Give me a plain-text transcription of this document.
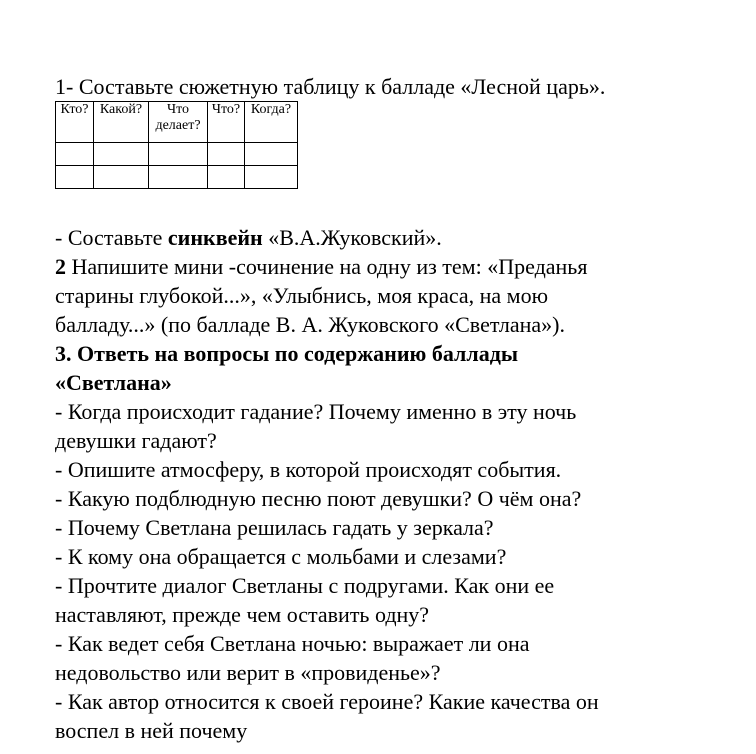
1- Составьте сюжетную таблицу к балладе «Лесной царь».
Кто?	Какой?	Что делает?	Что?	Когда?

- Составьте синквейн «В.А.Жуковский».
2 Напишите мини -сочинение на одну из тем: «Преданья
старины глубокой...», «Улыбнись, моя краса, на мою
балладу...» (по балладе В. А. Жуковского «Светлана»).
3. Ответь на вопросы по содержанию баллады
«Светлана»
- Когда происходит гадание? Почему именно в эту ночь
девушки гадают?
- Опишите атмосферу, в которой происходят события.
- Какую подблюдную песню поют девушки? О чём она?
- Почему Светлана решилась гадать у зеркала?
- К кому она обращается с мольбами и слезами?
- Прочтите диалог Светланы с подругами. Как они ее
наставляют, прежде чем оставить одну?
- Как ведет себя Светлана ночью: выражает ли она
недовольство или верит в «провиденье»?
- Как автор относится к своей героине? Какие качества он
воспел в ней почему
